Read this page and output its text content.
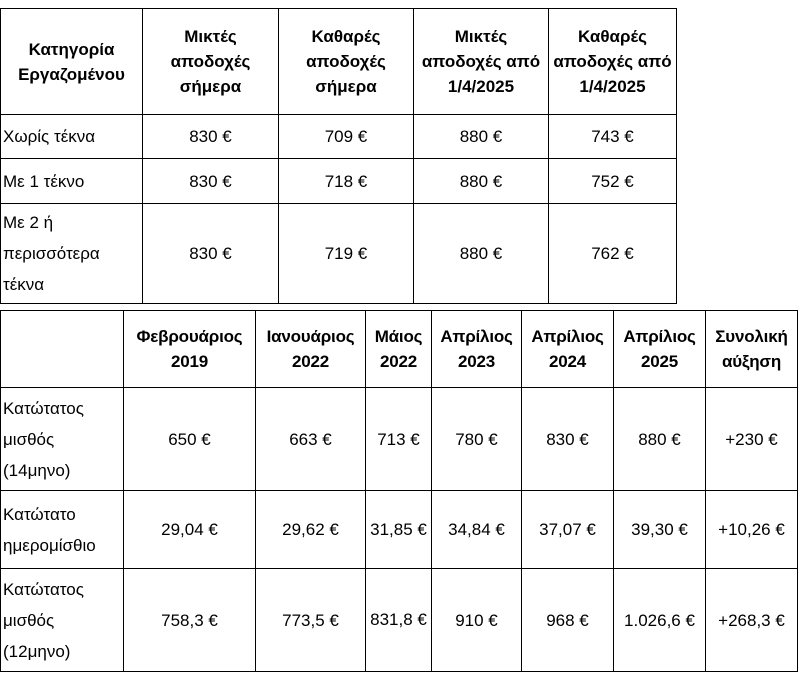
Κατηγορία Εργαζομένου	Μικτές αποδοχές σήμερα	Καθαρές αποδοχές σήμερα	Μικτές αποδοχές από 1/4/2025	Καθαρές αποδοχές από 1/4/2025
Χωρίς τέκνα	830 €	709 €	880 €	743 €
Με 1 τέκνο	830 €	718 €	880 €	752 €
Με 2 ή περισσότερα τέκνα	830 €	719 €	880 €	762 €
	Φεβρουάριος 2019	Ιανουάριος 2022	Μάιος 2022	Απρίλιος 2023	Απρίλιος 2024	Απρίλιος 2025	Συνολική αύξηση
Κατώτατος μισθός (14μηνο)	650 €	663 €	713 €	780 €	830 €	880 €	+230 €
Κατώτατο ημερομίσθιο	29,04 €	29,62 €	31,85 €	34,84 €	37,07 €	39,30 €	+10,26 €
Κατώτατος μισθός (12μηνο)	758,3 €	773,5 €	831,8 €	910 €	968 €	1.026,6 €	+268,3 €
